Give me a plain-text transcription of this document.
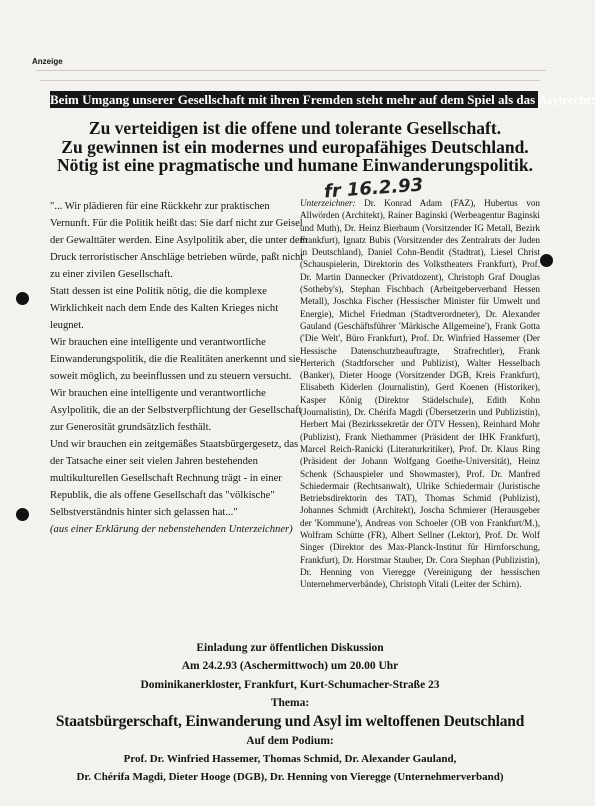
Anzeige
Beim Umgang unserer Gesellschaft mit ihren Fremden steht mehr auf dem Spiel als das Asylrecht:
Zu verteidigen ist die offene und tolerante Gesellschaft.
Zu gewinnen ist ein modernes und europafähiges Deutschland.
Nötig ist eine pragmatische und humane Einwanderungspolitik.
fr 16.2.93

"... Wir plädieren für eine Rückkehr zur praktischen Vernunft. Für die Politik heißt das: Sie darf nicht zur Geisel der Gewalttäter werden. Eine Asylpolitik aber, die unter dem Druck terroristischer Anschläge betrieben würde, paßt nicht zu einer zivilen Gesellschaft.

Statt dessen ist eine Politik nötig, die die komplexe Wirklichkeit nach dem Ende des Kalten Krieges nicht leugnet.

Wir brauchen eine intelligente und verantwortliche Einwanderungspolitik, die die Realitäten anerkennt und sie, soweit möglich, zu beeinflussen und zu steuern versucht. Wir brauchen eine intelligente und verantwortliche Asylpolitik, die an der Selbstverpflichtung der Gesellschaft zur Generosität grundsätzlich festhält.

Und wir brauchen ein zeitgemäßes Staatsbürgergesetz, das der Tatsache einer seit vielen Jahren bestehenden multikulturellen Gesellschaft Rechnung trägt - in einer Republik, die als offene Gesellschaft das "völkische" Selbstverständnis hinter sich gelassen hat..."

(aus einer Erklärung der nebenstehenden Unterzeichner)

Unterzeichner: Dr. Konrad Adam (FAZ), Hubertus von Allwörden (Architekt), Rainer Baginski (Werbeagentur Baginski und Muth), Dr. Heinz Bierbaum (Vorsitzender IG Metall, Bezirk Frankfurt), Ignatz Bubis (Vorsitzender des Zentralrats der Juden in Deutschland), Daniel Cohn-Bendit (Stadtrat), Liesel Christ (Schauspielerin, Direktorin des Volkstheaters Frankfurt), Prof. Dr. Martin Dannecker (Privatdozent), Christoph Graf Douglas (Sotheby's), Stephan Fischbach (Arbeitgeberverband Hessen Metall), Joschka Fischer (Hessischer Minister für Umwelt und Energie), Michel Friedman (Stadtverordneter), Dr. Alexander Gauland (Geschäftsführer 'Märkische Allgemeine'), Frank Gotta ('Die Welt', Büro Frankfurt), Prof. Dr. Winfried Hassemer (Der Hessische Datenschutzbeauftragte, Strafrechtler), Frank Herterich (Stadtforscher und Publizist), Walter Hesselbach (Banker), Dieter Hooge (Vorsitzender DGB, Kreis Frankfurt), Elisabeth Kiderlen (Journalistin), Gerd Koenen (Historiker), Kasper König (Direktor Städelschule), Edith Kohn (Journalistin), Dr. Chérifa Magdi (Übersetzerin und Publizistin), Herbert Mai (Bezirkssekretär der ÖTV Hessen), Reinhard Mohr (Publizist), Frank Niethammer (Präsident der IHK Frankfurt), Marcel Reich-Ranicki (Literaturkritiker), Prof. Dr. Klaus Ring (Präsident der Johann Wolfgang Goethe-Universität), Heinz Schenk (Schauspieler und Showmaster), Prof. Dr. Manfred Schiedermair (Rechtsanwalt), Ulrike Schiedermair (Juristische Betriebsdirektorin des TAT), Thomas Schmid (Publizist), Johannes Schmidt (Architekt), Joscha Schmierer (Herausgeber der 'Kommune'), Andreas von Schoeler (OB von Frankfurt/M.), Wolfram Schütte (FR), Albert Sellner (Lektor), Prof. Dr. Wolf Singer (Direktor des Max-Planck-Institut für Hirnforschung, Frankfurt), Dr. Horstmar Stauber, Dr. Cora Stephan (Publizistin), Dr. Henning von Vieregge (Vereinigung der hessischen Unternehmerverbände), Christoph Vitali (Leiter der Schirn).
Einladung zur öffentlichen Diskussion
Am 24.2.93 (Aschermittwoch) um 20.00 Uhr
Dominikanerkloster, Frankfurt, Kurt-Schumacher-Straße 23
Thema:
Staatsbürgerschaft, Einwanderung und Asyl im weltoffenen Deutschland
Auf dem Podium:
Prof. Dr. Winfried Hassemer, Thomas Schmid, Dr. Alexander Gauland,
Dr. Chérifa Magdi, Dieter Hooge (DGB), Dr. Henning von Vieregge (Unternehmerverband)
